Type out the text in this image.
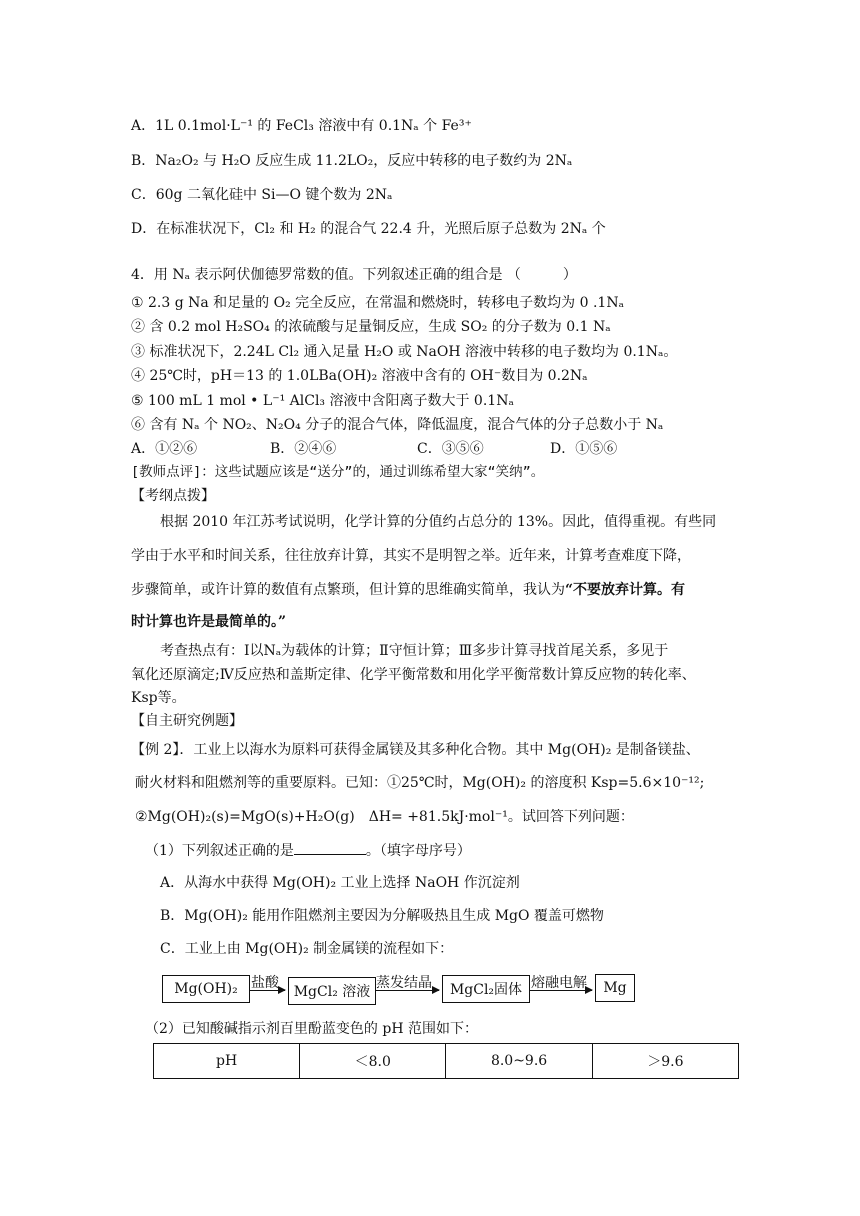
A．1L 0.1mol·L⁻¹ 的 FeCl₃ 溶液中有 0.1Nₐ 个 Fe³⁺
B．Na₂O₂ 与 H₂O 反应生成 11.2LO₂，反应中转移的电子数约为 2Nₐ
C．60g 二氧化硅中 Si—O 键个数为 2Nₐ
D．在标准状况下，Cl₂ 和 H₂ 的混合气 22.4 升，光照后原子总数为 2Nₐ 个
4．用 Nₐ 表示阿伏伽德罗常数的值。下列叙述正确的组合是 （　　　）
① 2.3 g Na 和足量的 O₂ 完全反应，在常温和燃烧时，转移电子数均为 0 .1Nₐ
② 含 0.2 mol H₂SO₄ 的浓硫酸与足量铜反应，生成 SO₂ 的分子数为 0.1 Nₐ
③ 标准状况下，2.24L Cl₂ 通入足量 H₂O 或 NaOH 溶液中转移的电子数均为 0.1Nₐ。
④ 25℃时，pH＝13 的 1.0LBa(OH)₂ 溶液中含有的 OH⁻数目为 0.2Nₐ
⑤ 100 mL 1 mol • L⁻¹ AlCl₃ 溶液中含阳离子数大于 0.1Nₐ
⑥ 含有 Nₐ 个 NO₂、N₂O₄ 分子的混合气体，降低温度，混合气体的分子总数小于 Nₐ
A．①②⑥	B．②④⑥	C．③⑤⑥	D．①⑤⑥
[教师点评]：这些试题应该是“送分”的，通过训练希望大家“笑纳”。
【考纲点拨】
根据 2010 年江苏考试说明，化学计算的分值约占总分的 13%。因此，值得重视。有些同
学由于水平和时间关系，往往放弃计算，其实不是明智之举。近年来，计算考查难度下降，
步骤简单，或许计算的数值有点繁琐，但计算的思维确实简单，我认为“不要放弃计算。有
时计算也许是最简单的。”
考查热点有：Ⅰ以Nₐ为载体的计算；Ⅱ守恒计算；Ⅲ多步计算寻找首尾关系，多见于
氧化还原滴定;Ⅳ反应热和盖斯定律、化学平衡常数和用化学平衡常数计算反应物的转化率、
Ksp等。
【自主研究例题】
【例 2】．工业上以海水为原料可获得金属镁及其多种化合物。其中 Mg(OH)₂ 是制备镁盐、
耐火材料和阻燃剂等的重要原料。已知：①25℃时，Mg(OH)₂ 的溶度积 Ksp=5.6×10⁻¹²;
②Mg(OH)₂(s)=MgO(s)+H₂O(g)　ΔH= +81.5kJ·mol⁻¹。试回答下列问题：
（1）下列叙述正确的是	。（填字母序号）
A．从海水中获得 Mg(OH)₂ 工业上选择 NaOH 作沉淀剂
B．Mg(OH)₂ 能用作阻燃剂主要因为分解吸热且生成 MgO 覆盖可燃物
C．工业上由 Mg(OH)₂ 制金属镁的流程如下：
Mg(OH)₂ 盐酸
MgCl₂ 溶液
蒸发结晶	MgCl₂固体 熔融电解	Mg
（2）已知酸碱指示剂百里酚蓝变色的 pH 范围如下：
pH	＜8.0	8.0~9.6	＞9.6
